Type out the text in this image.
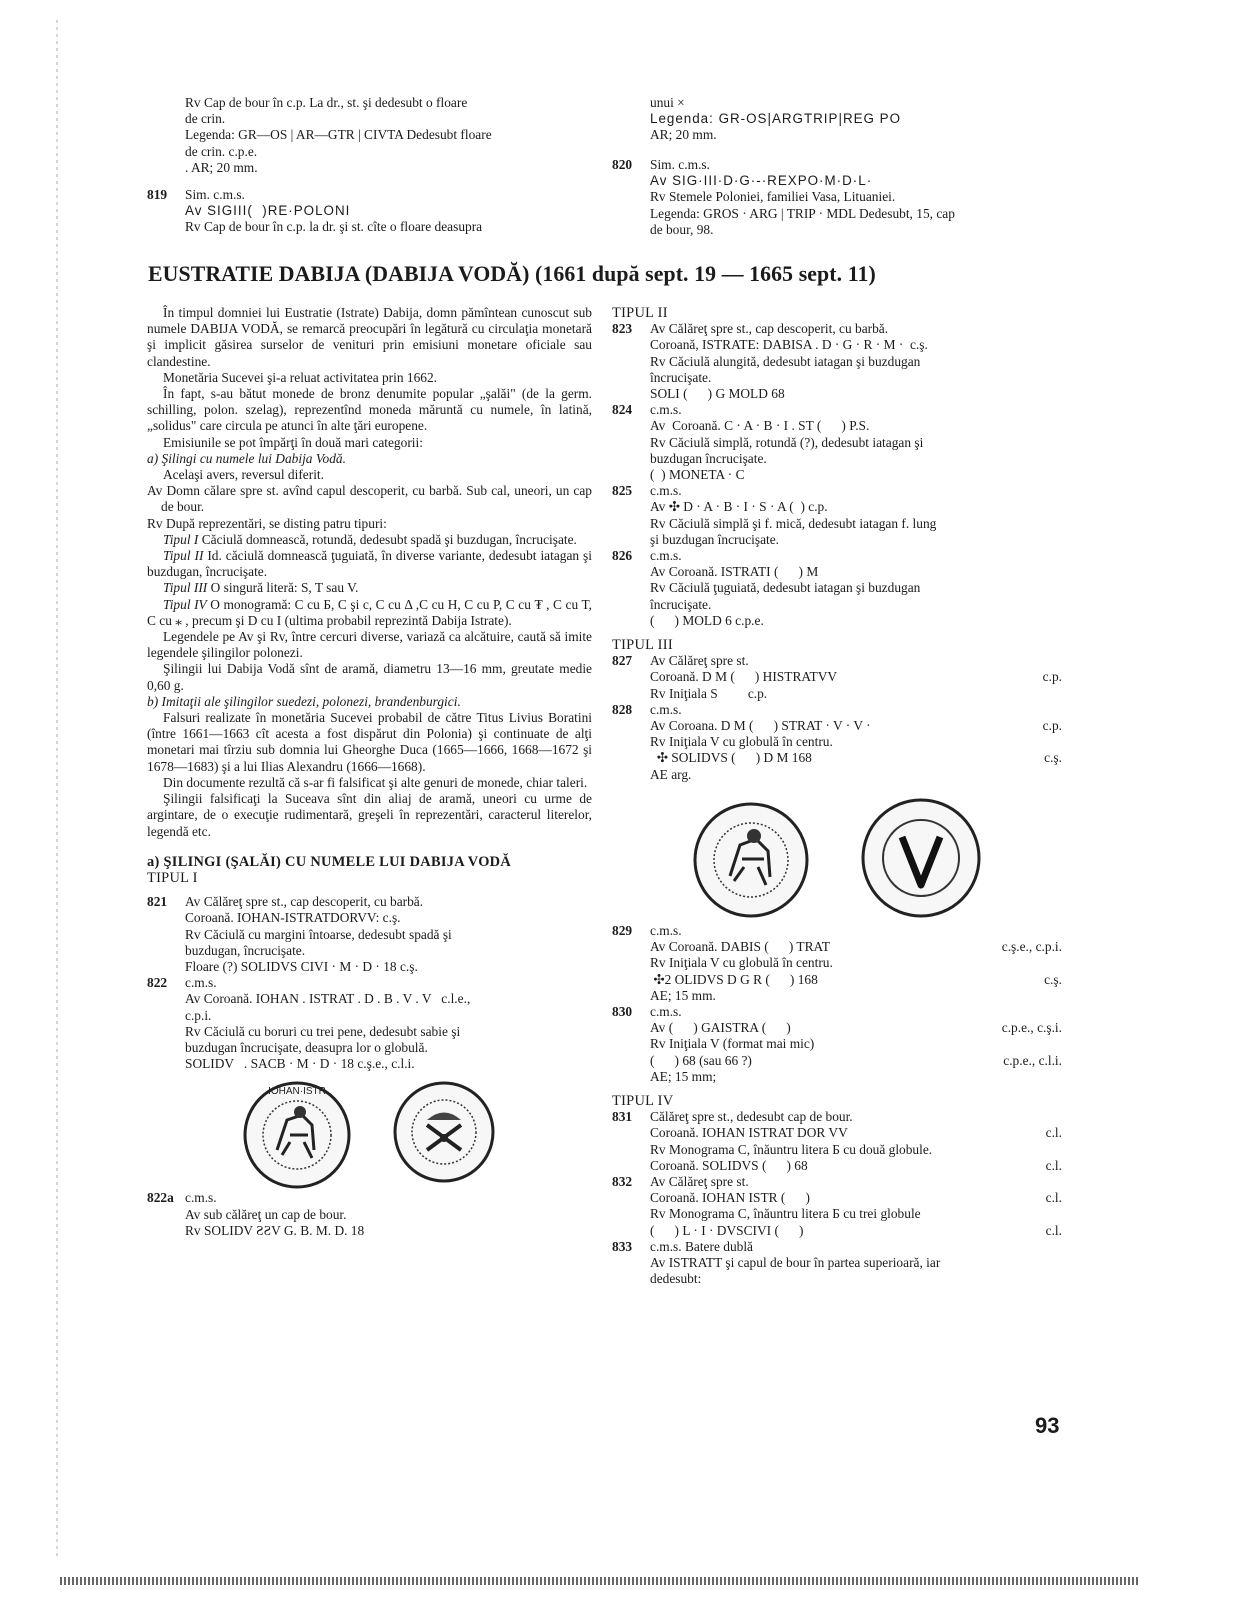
Rv Cap de bour în c.p. La dr., st. şi dedesubt o floare

de crin.

Legenda: GR—OS | AR—GTR | CIVTA Dedesubt floare

de crin. c.p.e.

. AR; 20 mm.

819 Sim. c.m.s.

Av SIGIII(  )RE·POLONI

Rv Cap de bour în c.p. la dr. şi st. cîte o floare deasupra

unui ×

Legenda: GR-OS|ARGTRIP|REG PO

AR; 20 mm.

820 Sim. c.m.s.

Av SIG·III·D·G·‑·REXPO·M·D·L·

Rv Stemele Poloniei, familiei Vasa, Lituaniei.

Legenda: GROS · ARG | TRIP · MDL Dedesubt, 15, cap

de bour, 98.

EUSTRATIE DABIJA (DABIJA VODĂ) (1661 după sept. 19 — 1665 sept. 11)

În timpul domniei lui Eustratie (Istrate) Dabija, domn pămîntean cunoscut sub numele DABIJA VODĂ, se remarcă preocupări în legătură cu circulaţia monetară şi implicit găsirea surselor de venituri prin emisiuni monetare oficiale sau clandestine.

Monetăria Sucevei şi-a reluat activitatea prin 1662.

În fapt, s-au bătut monede de bronz denumite popular „şalăi" (de la germ. schilling, polon. szelag), reprezentînd moneda măruntă cu numele, în latină, „solidus" care circula pe atunci în alte ţări europene.

Emisiunile se pot împărţi în două mari categorii:

a) Şilingi cu numele lui Dabija Vodă.

Acelaşi avers, reversul diferit.

Av Domn călare spre st. avînd capul descoperit, cu barbă. Sub cal, uneori, un cap de bour.

Rv După reprezentări, se disting patru tipuri:

Tipul I Căciulă domnească, rotundă, dedesubt spadă şi buzdugan, încrucişate.

Tipul II Id. căciulă domnească ţuguiată, în diverse variante, dedesubt iatagan şi buzdugan, încrucişate.

Tipul III O singură literă: S, T sau V.

Tipul IV O monogramă: C cu Ƃ, C şi c, C cu Δ ,C cu H, C cu P, C cu ₮ , C cu T, C cu ⁎ , precum şi D cu I (ultima probabil reprezintă Dabija Istrate).

Legendele pe Av şi Rv, între cercuri diverse, variază ca alcătuire, caută să imite legendele şilingilor polonezi.

Şilingii lui Dabija Vodă sînt de aramă, diametru 13—16 mm, greutate medie 0,60 g.

b) Imitaţii ale şilingilor suedezi, polonezi, brandenburgici.

Falsuri realizate în monetăria Sucevei probabil de către Titus Livius Boratini (între 1661—1663 cît acesta a fost dispărut din Polonia) şi continuate de alţi monetari mai tîrziu sub domnia lui Gheorghe Duca (1665—1666, 1668—1672 şi 1678—1683) şi a lui Ilias Alexandru (1666—1668).

Din documente rezultă că s-ar fi falsificat şi alte genuri de monede, chiar taleri.

Şilingii falsificaţi la Suceava sînt din aliaj de aramă, uneori cu urme de argintare, de o execuţie rudimentară, greşeli în reprezentări, caracterul literelor, legendă etc.

a) ŞILINGI (ŞALĂI) CU NUMELE LUI DABIJA VODĂ

TIPUL I

821 Av Călăreţ spre st., cap descoperit, cu barbă.

Coroană. IOHAN-ISTRATDORVV: c.ş.

Rv Căciulă cu margini întoarse, dedesubt spadă şi

buzdugan, încrucişate.

Floare (?) SOLIDVS CIVI · M · D · 18 c.ş.

822 c.m.s.

Av Coroană. IOHAN . ISTRAT . D . B . V . V   c.l.e.,

c.p.i.

Rv Căciulă cu boruri cu trei pene, dedesubt sabie şi

buzdugan încrucişate, deasupra lor o globulă.

SOLIDV   . SACB · M · D · 18 c.ş.e., c.l.i.

IOHAN·ISTR
822a c.m.s.

Av sub călăreţ un cap de bour.

Rv SOLIDV ƧƧV G. B. M. D. 18

TIPUL II

823 Av Călăreţ spre st., cap descoperit, cu barbă.

Coroană, ISTRATE: DABISA . D · G · R · M ·  c.ş.

Rv Căciulă alungită, dedesubt iatagan şi buzdugan

încrucişate.

SOLI (      ) G MOLD 68

824 c.m.s.

Av  Coroană. C · A · B · I . ST (      ) P.S.

Rv Căciulă simplă, rotundă (?), dedesubt iatagan şi

buzdugan încrucişate.

(  ) MONETA · C

825 c.m.s.

Av ✣ D · A · B · I · S · A (  ) c.p.

Rv Căciulă simplă şi f. mică, dedesubt iatagan f. lung

şi buzdugan încrucişate.

826 c.m.s.

Av Coroană. ISTRATI (      ) M

Rv Căciulă ţuguiată, dedesubt iatagan şi buzdugan

încrucişate.

(      ) MOLD 6 c.p.e.

TIPUL III

827 Av Călăreţ spre st.

Coroană. D M (      ) HISTRATVV	c.p.

Rv Iniţiala S         c.p.

828 c.m.s.

Av Coroana. D M (      ) STRAT · V · V ·	c.p.

Rv Iniţiala V cu globulă în centru.

✣ SOLIDVS (      ) D M 168	c.ş.

AE arg.

829 c.m.s.

Av Coroană. DABIS (      ) TRAT	c.ş.e., c.p.i.

Rv Iniţiala V cu globulă în centru.

✣2 OLIDVS D G R (      ) 168	c.ş.

AE; 15 mm.

830 c.m.s.

Av (      ) GAISTRA (      )	c.p.e., c.ş.i.

Rv Iniţiala V (format mai mic)

(      ) 68 (sau 66 ?)	c.p.e., c.l.i.

AE; 15 mm;

TIPUL IV

831 Călăreţ spre st., dedesubt cap de bour.

Coroană. IOHAN ISTRAT DOR VV	c.l.

Rv Monograma C, înăuntru litera Ƃ cu două globule.

Coroană. SOLIDVS (      ) 68	c.l.

832 Av Călăreţ spre st.

Coroană. IOHAN ISTR (      )	c.l.

Rv Monograma C, înăuntru litera Ƃ cu trei globule

(      ) L · I · DVSCIVI (      )	c.l.

833 c.m.s. Batere dublă

Av ISTRATT şi capul de bour în partea superioară, iar

dedesubt:

93
